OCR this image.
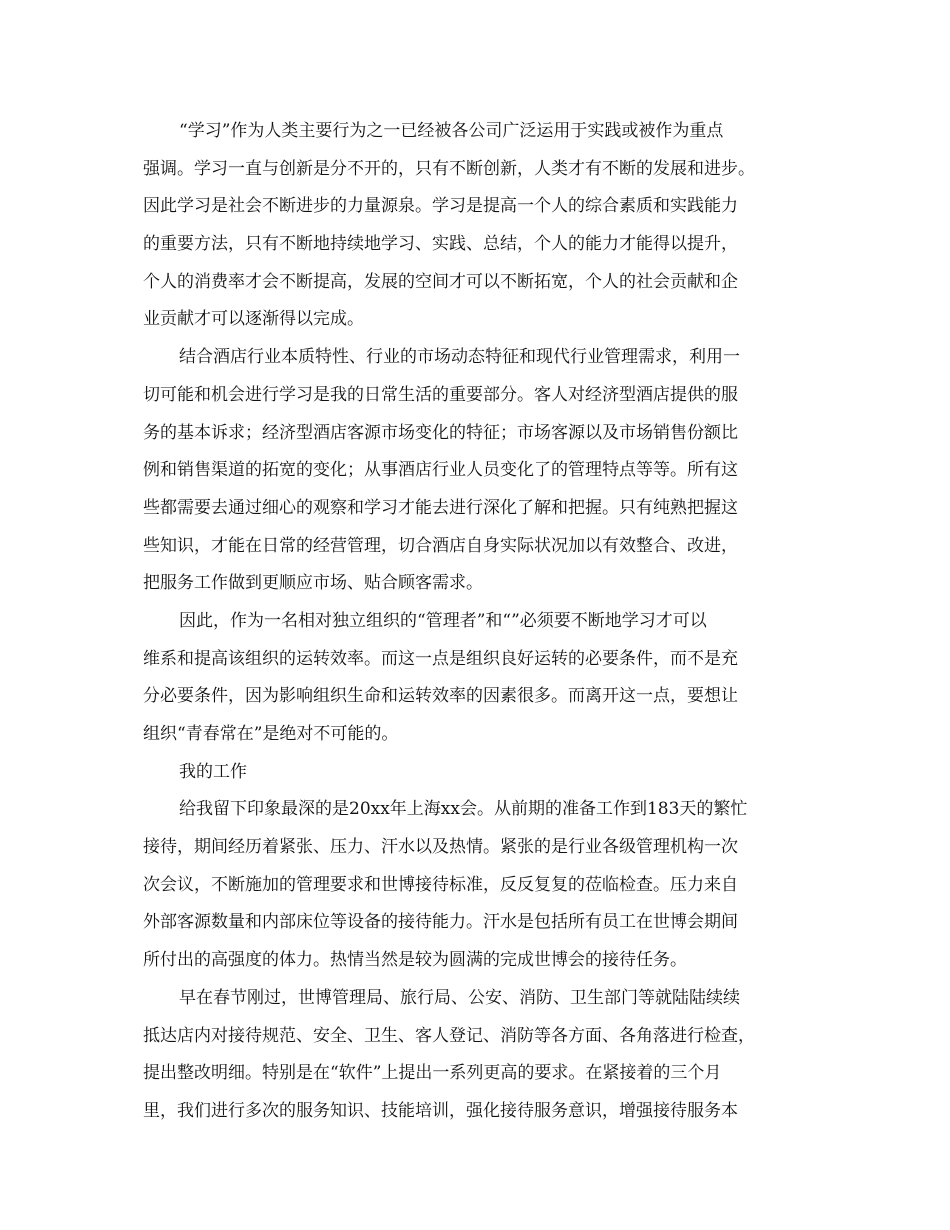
“学习”作为人类主要行为之一已经被各公司广泛运用于实践或被作为重点
强调。学习一直与创新是分不开的，只有不断创新，人类才有不断的发展和进步。
因此学习是社会不断进步的力量源泉。学习是提高一个人的综合素质和实践能力
的重要方法，只有不断地持续地学习、实践、总结，个人的能力才能得以提升，
个人的消费率才会不断提高，发展的空间才可以不断拓宽，个人的社会贡献和企
业贡献才可以逐渐得以完成。
结合酒店行业本质特性、行业的市场动态特征和现代行业管理需求，利用一
切可能和机会进行学习是我的日常生活的重要部分。客人对经济型酒店提供的服
务的基本诉求；经济型酒店客源市场变化的特征；市场客源以及市场销售份额比
例和销售渠道的拓宽的变化；从事酒店行业人员变化了的管理特点等等。所有这
些都需要去通过细心的观察和学习才能去进行深化了解和把握。只有纯熟把握这
些知识，才能在日常的经营管理，切合酒店自身实际状况加以有效整合、改进，
把服务工作做到更顺应市场、贴合顾客需求。
因此，作为一名相对独立组织的“管理者”和“”必须要不断地学习才可以
维系和提高该组织的运转效率。而这一点是组织良好运转的必要条件，而不是充
分必要条件，因为影响组织生命和运转效率的因素很多。而离开这一点，要想让
组织“青春常在”是绝对不可能的。
我的工作
给我留下印象最深的是20xx年上海xx会。从前期的准备工作到183天的繁忙
接待，期间经历着紧张、压力、汗水以及热情。紧张的是行业各级管理机构一次
次会议，不断施加的管理要求和世博接待标准，反反复复的莅临检查。压力来自
外部客源数量和内部床位等设备的接待能力。汗水是包括所有员工在世博会期间
所付出的高强度的体力。热情当然是较为圆满的完成世博会的接待任务。
早在春节刚过，世博管理局、旅行局、公安、消防、卫生部门等就陆陆续续
抵达店内对接待规范、安全、卫生、客人登记、消防等各方面、各角落进行检查，
提出整改明细。特别是在“软件”上提出一系列更高的要求。在紧接着的三个月
里，我们进行多次的服务知识、技能培训，强化接待服务意识，增强接待服务本
